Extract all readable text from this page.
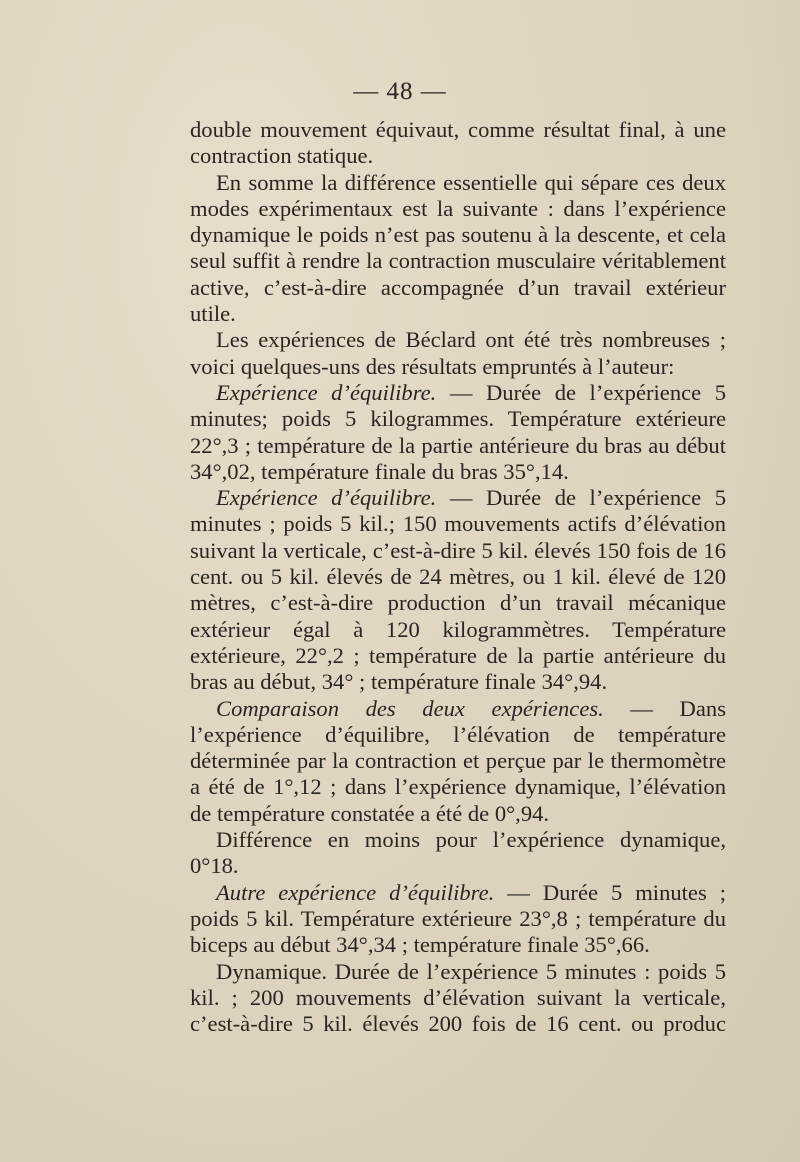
— 48 —

double mouvement équivaut, comme résultat final, à une contraction statique.

En somme la différence essentielle qui sépare ces deux modes expérimentaux est la suivante : dans l’expérience dynamique le poids n’est pas soutenu à la descente, et cela seul suffit à rendre la contraction musculaire véritablement active, c’est-à-dire accompagnée d’un travail extérieur utile.

Les expériences de Béclard ont été très nombreuses ; voici quelques-uns des résultats empruntés à l’auteur:

Expérience d’équilibre. — Durée de l’expérience 5 minutes; poids 5 kilogrammes. Température extérieure 22°,3 ; température de la partie antérieure du bras au début 34°,02, température finale du bras 35°,14.

Expérience d’équilibre. — Durée de l’expérience 5 minutes ; poids 5 kil.; 150 mouvements actifs d’élévation suivant la verticale, c’est-à-dire 5 kil. élevés 150 fois de 16 cent. ou 5 kil. élevés de 24 mètres, ou 1 kil. élevé de 120 mètres, c’est-à-dire production d’un travail mécanique extérieur égal à 120 kilogrammètres. Température extérieure, 22°,2 ; température de la partie antérieure du bras au début, 34° ; température finale 34°,94.

Comparaison des deux expériences. — Dans l’expérience d’équilibre, l’élévation de température déterminée par la contraction et perçue par le thermomètre a été de 1°,12 ; dans l’expérience dynamique, l’élévation de température constatée a été de 0°,94.

Différence en moins pour l’expérience dynamique, 0°18.

Autre expérience d’équilibre. — Durée 5 minutes ; poids 5 kil. Température extérieure 23°,8 ; température du biceps au début 34°,34 ; température finale 35°,66.

Dynamique. Durée de l’expérience 5 minutes : poids 5 kil. ; 200 mouvements d’élévation suivant la verticale, c’est-à-dire 5 kil. élevés 200 fois de 16 cent. ou produc
